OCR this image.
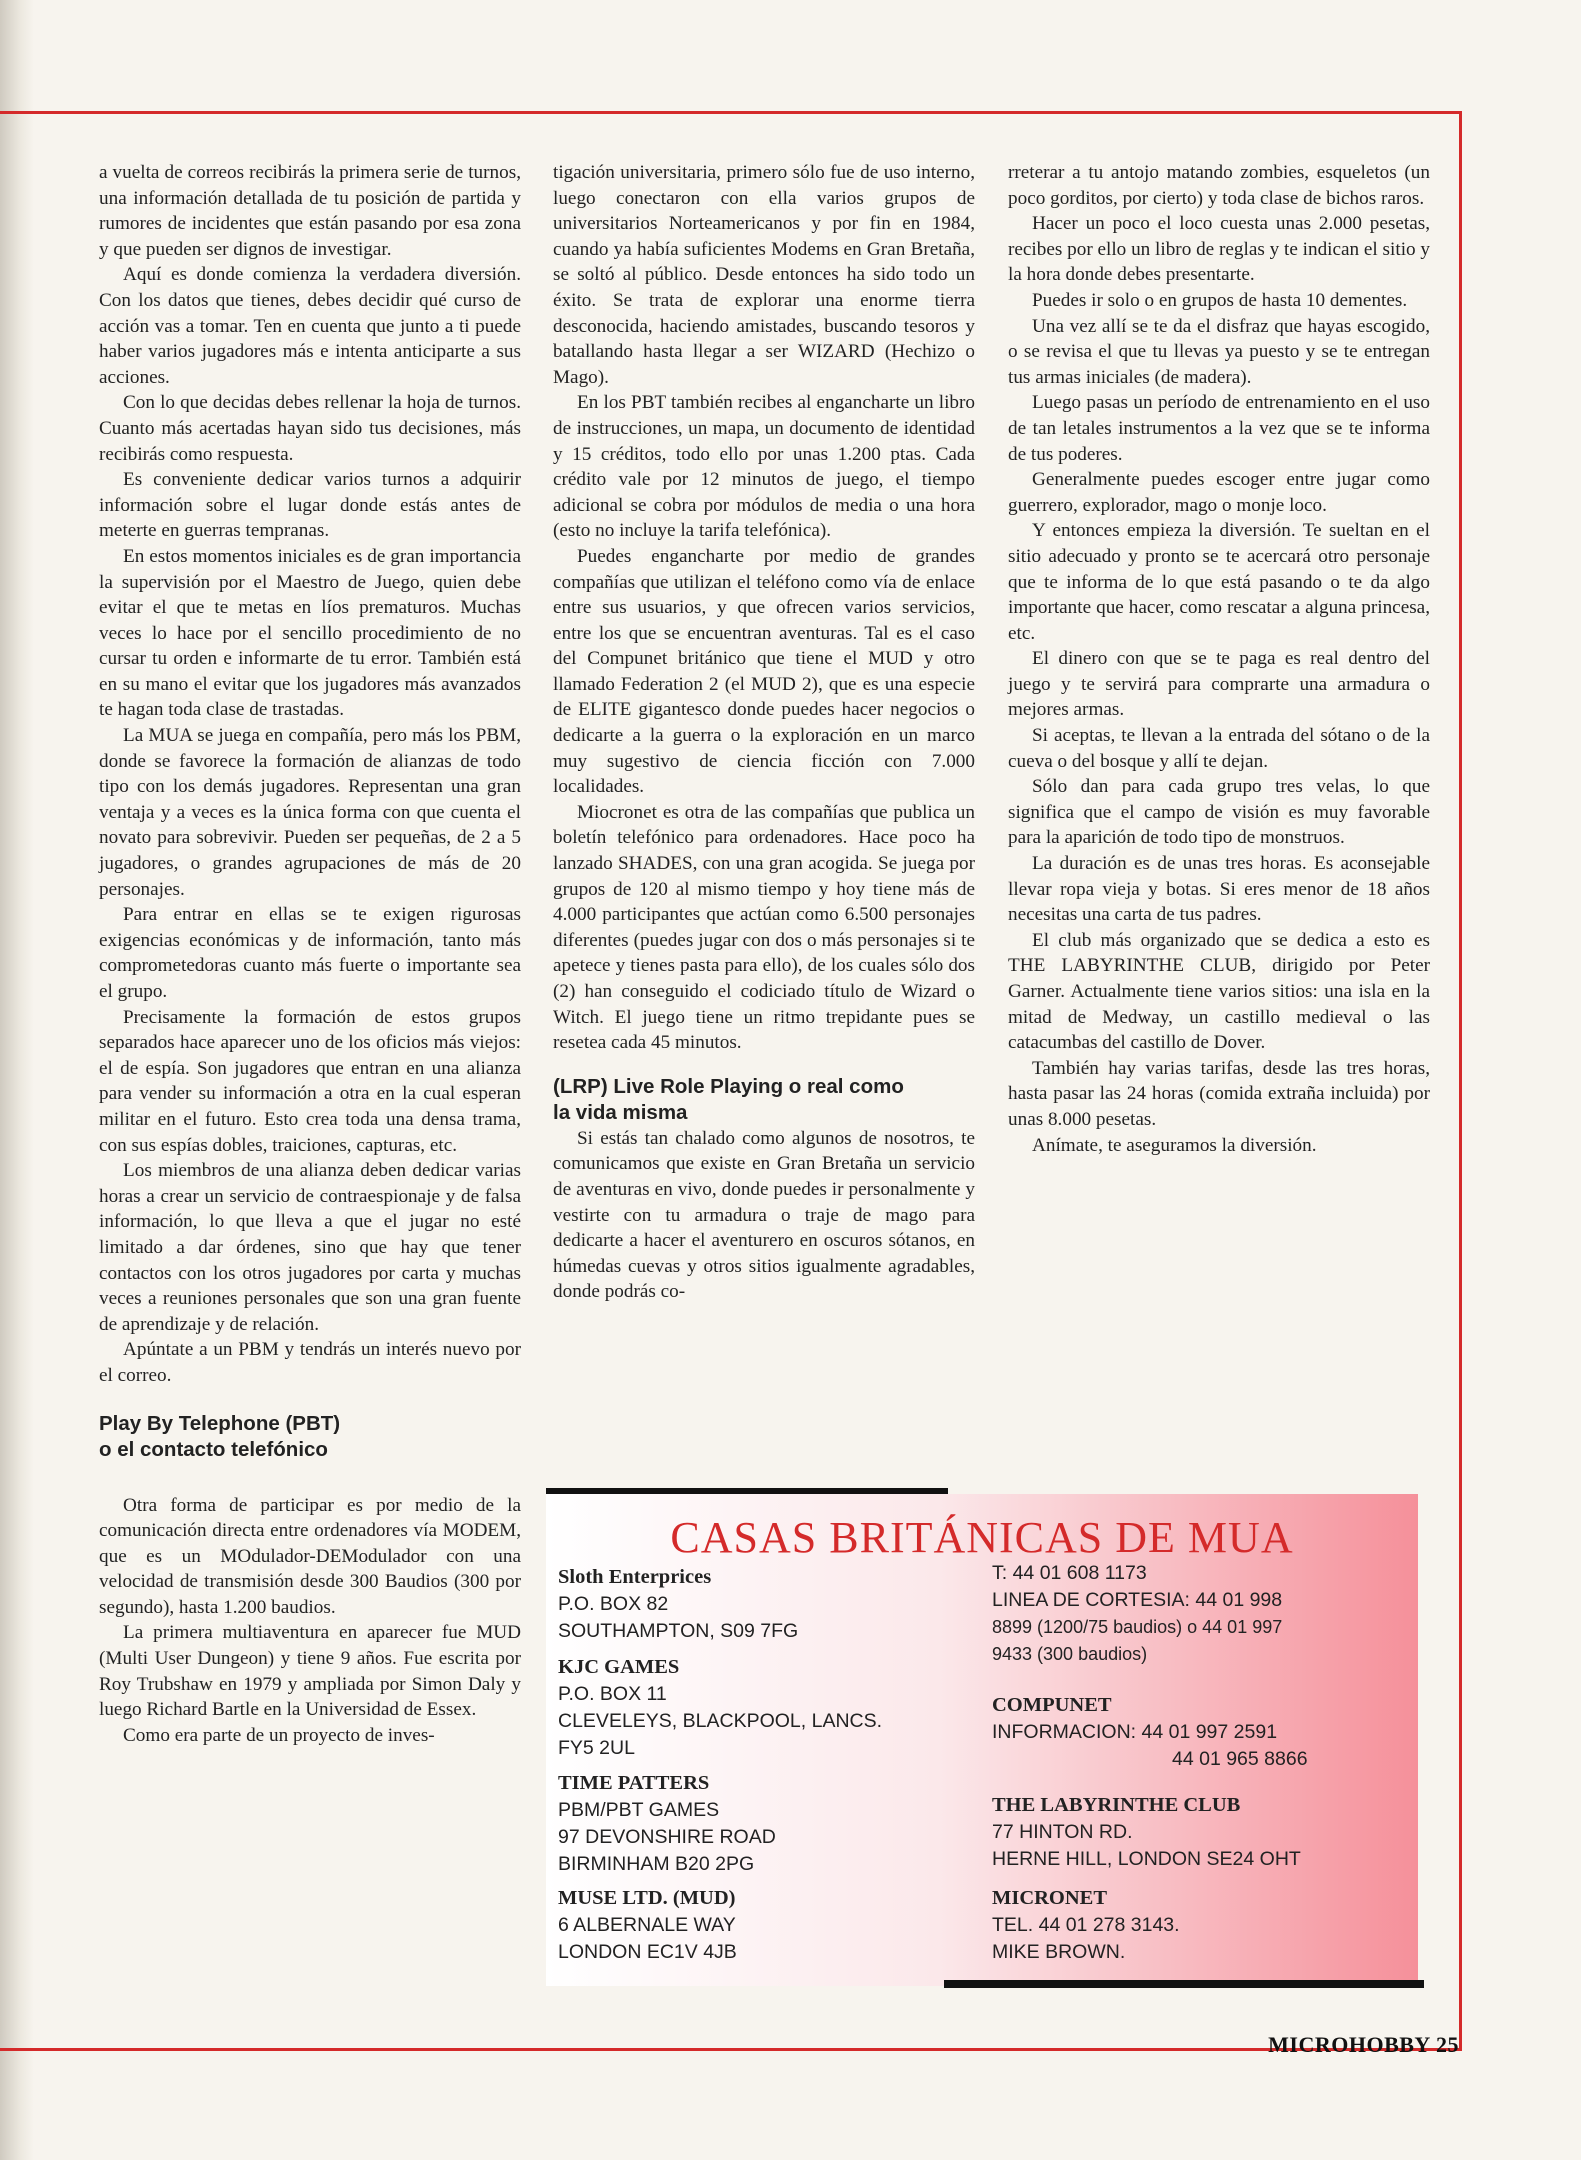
a vuelta de correos recibirás la primera serie de turnos, una información detallada de tu posición de partida y rumores de incidentes que están pasando por esa zona y que pueden ser dignos de investigar.

Aquí es donde comienza la verdadera diversión. Con los datos que tienes, debes decidir qué curso de acción vas a tomar. Ten en cuenta que junto a ti puede haber varios jugadores más e intenta anticiparte a sus acciones.

Con lo que decidas debes rellenar la hoja de turnos. Cuanto más acertadas hayan sido tus decisiones, más recibirás como respuesta.

Es conveniente dedicar varios turnos a adquirir información sobre el lugar donde estás antes de meterte en guerras tempranas.

En estos momentos iniciales es de gran importancia la supervisión por el Maestro de Juego, quien debe evitar el que te metas en líos prematuros. Muchas veces lo hace por el sencillo procedimiento de no cursar tu orden e informarte de tu error. También está en su mano el evitar que los jugadores más avanzados te hagan toda clase de trastadas.

La MUA se juega en compañía, pero más los PBM, donde se favorece la formación de alianzas de todo tipo con los demás jugadores. Representan una gran ventaja y a veces es la única forma con que cuenta el novato para sobrevivir. Pueden ser pequeñas, de 2 a 5 jugadores, o grandes agrupaciones de más de 20 personajes.

Para entrar en ellas se te exigen rigurosas exigencias económicas y de información, tanto más comprometedoras cuanto más fuerte o importante sea el grupo.

Precisamente la formación de estos grupos separados hace aparecer uno de los oficios más viejos: el de espía. Son jugadores que entran en una alianza para vender su información a otra en la cual esperan militar en el futuro. Esto crea toda una densa trama, con sus espías dobles, traiciones, capturas, etc.

Los miembros de una alianza deben dedicar varias horas a crear un servicio de contraespionaje y de falsa información, lo que lleva a que el jugar no esté limitado a dar órdenes, sino que hay que tener contactos con los otros jugadores por carta y muchas veces a reuniones personales que son una gran fuente de aprendizaje y de relación.

Apúntate a un PBM y tendrás un interés nuevo por el correo.

Play By Telephone (PBT)
o el contacto telefónico

Otra forma de participar es por medio de la comunicación directa entre ordenadores vía MODEM, que es un MOdulador-DEModulador con una velocidad de transmisión desde 300 Baudios (300 por segundo), hasta 1.200 baudios.

La primera multiaventura en aparecer fue MUD (Multi User Dungeon) y tiene 9 años. Fue escrita por Roy Trubshaw en 1979 y ampliada por Simon Daly y luego Richard Bartle en la Universidad de Essex.

Como era parte de un proyecto de inves-

tigación universitaria, primero sólo fue de uso interno, luego conectaron con ella varios grupos de universitarios Norteamericanos y por fin en 1984, cuando ya había suficientes Modems en Gran Bretaña, se soltó al público. Desde entonces ha sido todo un éxito. Se trata de explorar una enorme tierra desconocida, haciendo amistades, buscando tesoros y batallando hasta llegar a ser WIZARD (Hechizo o Mago).

En los PBT también recibes al engancharte un libro de instrucciones, un mapa, un documento de identidad y 15 créditos, todo ello por unas 1.200 ptas. Cada crédito vale por 12 minutos de juego, el tiempo adicional se cobra por módulos de media o una hora (esto no incluye la tarifa telefónica).

Puedes engancharte por medio de grandes compañías que utilizan el teléfono como vía de enlace entre sus usuarios, y que ofrecen varios servicios, entre los que se encuentran aventuras. Tal es el caso del Compunet británico que tiene el MUD y otro llamado Federation 2 (el MUD 2), que es una especie de ELITE gigantesco donde puedes hacer negocios o dedicarte a la guerra o la exploración en un marco muy sugestivo de ciencia ficción con 7.000 localidades.

Miocronet es otra de las compañías que publica un boletín telefónico para ordenadores. Hace poco ha lanzado SHADES, con una gran acogida. Se juega por grupos de 120 al mismo tiempo y hoy tiene más de 4.000 participantes que actúan como 6.500 personajes diferentes (puedes jugar con dos o más personajes si te apetece y tienes pasta para ello), de los cuales sólo dos (2) han conseguido el codiciado título de Wizard o Witch. El juego tiene un ritmo trepidante pues se resetea cada 45 minutos.

(LRP) Live Role Playing o real como
la vida misma

Si estás tan chalado como algunos de nosotros, te comunicamos que existe en Gran Bretaña un servicio de aventuras en vivo, donde puedes ir personalmente y vestirte con tu armadura o traje de mago para dedicarte a hacer el aventurero en oscuros sótanos, en húmedas cuevas y otros sitios igualmente agradables, donde podrás co-

rreterar a tu antojo matando zombies, esqueletos (un poco gorditos, por cierto) y toda clase de bichos raros.

Hacer un poco el loco cuesta unas 2.000 pesetas, recibes por ello un libro de reglas y te indican el sitio y la hora donde debes presentarte.

Puedes ir solo o en grupos de hasta 10 dementes.

Una vez allí se te da el disfraz que hayas escogido, o se revisa el que tu llevas ya puesto y se te entregan tus armas iniciales (de madera).

Luego pasas un período de entrenamiento en el uso de tan letales instrumentos a la vez que se te informa de tus poderes.

Generalmente puedes escoger entre jugar como guerrero, explorador, mago o monje loco.

Y entonces empieza la diversión. Te sueltan en el sitio adecuado y pronto se te acercará otro personaje que te informa de lo que está pasando o te da algo importante que hacer, como rescatar a alguna princesa, etc.

El dinero con que se te paga es real dentro del juego y te servirá para comprarte una armadura o mejores armas.

Si aceptas, te llevan a la entrada del sótano o de la cueva o del bosque y allí te dejan.

Sólo dan para cada grupo tres velas, lo que significa que el campo de visión es muy favorable para la aparición de todo tipo de monstruos.

La duración es de unas tres horas. Es aconsejable llevar ropa vieja y botas. Si eres menor de 18 años necesitas una carta de tus padres.

El club más organizado que se dedica a esto es THE LABYRINTHE CLUB, dirigido por Peter Garner. Actualmente tiene varios sitios: una isla en la mitad de Medway, un castillo medieval o las catacumbas del castillo de Dover.

También hay varias tarifas, desde las tres horas, hasta pasar las 24 horas (comida extraña incluida) por unas 8.000 pesetas.

Anímate, te aseguramos la diversión.

CASAS BRITÁNICAS DE MUA
Sloth Enterprices
P.O. BOX 82
SOUTHAMPTON, S09 7FG
KJC GAMES
P.O. BOX 11
CLEVELEYS, BLACKPOOL, LANCS.
FY5 2UL
TIME PATTERS
PBM/PBT GAMES
97 DEVONSHIRE ROAD
BIRMINHAM B20 2PG
MUSE LTD. (MUD)
6 ALBERNALE WAY
LONDON EC1V 4JB
T: 44 01 608 1173
LINEA DE CORTESIA: 44 01 998
8899 (1200/75 baudios) o 44 01 997
9433 (300 baudios)
COMPUNET
INFORMACION: 44 01 997 2591
44 01 965 8866
THE LABYRINTHE CLUB
77 HINTON RD.
HERNE HILL, LONDON SE24 OHT
MICRONET
TEL. 44 01 278 3143.
MIKE BROWN.
MICROHOBBY 25
